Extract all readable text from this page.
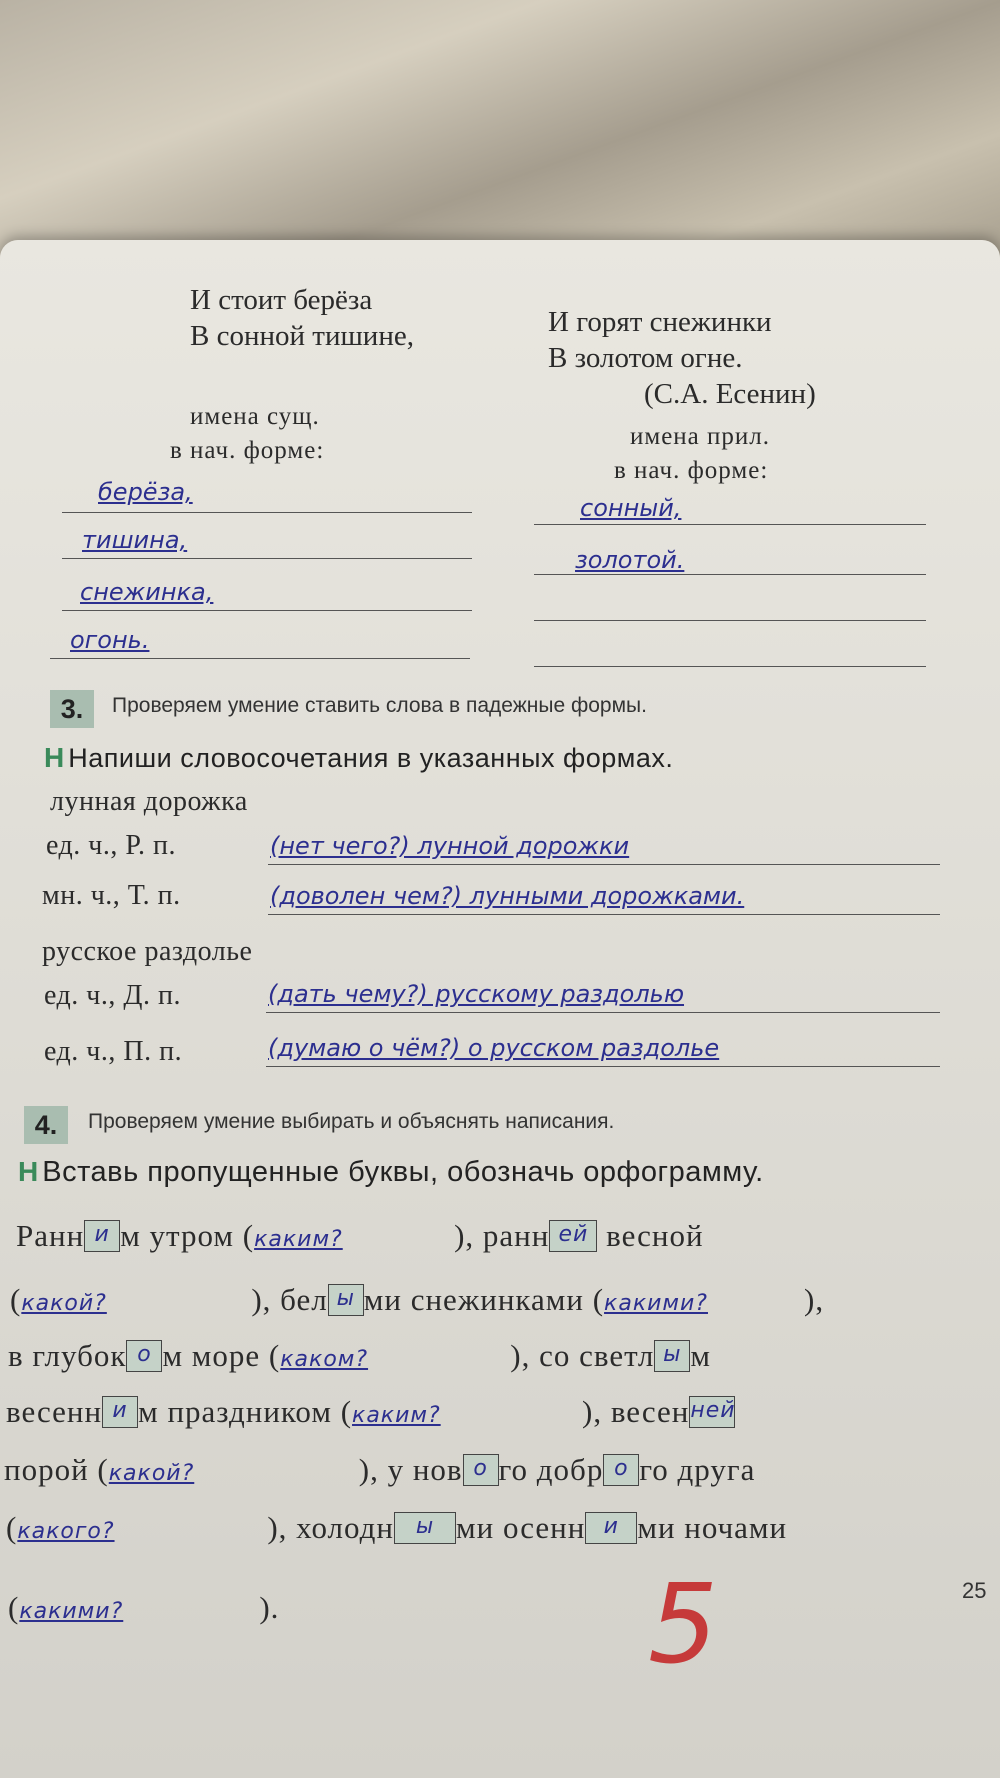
И стоит берёза
В сонной тишине,	И горят снежинки
В золотом огне.
(С.А. Есенин)
имена сущ.
в нач. форме:
берёза,
тишина,
снежинка,
огонь.
имена прил.
в нач. форме:
сонный,
золотой.
3.	Проверяем умение ставить слова в падежные формы.
Н Напиши словосочетания в указанных формах.
лунная дорожка
ед. ч., Р. п.	(нет чего?) лунной дорожки
мн. ч., Т. п.	(доволен чем?) лунными дорожками.
русское раздолье
ед. ч., Д. п.	(дать чему?) русскому раздолью
ед. ч., П. п.	(думаю о чём?) о русском раздолье
4.	Проверяем умение выбирать и объяснять написания.
Н Вставь пропущенные буквы, обозначь орфограмму.
Ранн и м утром (каким?	), ранн ей весной
(какой?	), бел ы ми снежинками (какими?	),
в глубок о м море (каком?	), со светл ы м
весенн и м праздником (каким?	), весенней
порой (какой?	), у нов о го добр о го друга
(какого?	), холодн ы ми осенн и ми ночами
(какими?	).	25
5
